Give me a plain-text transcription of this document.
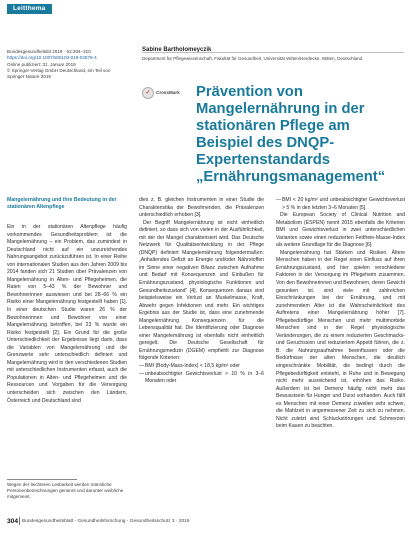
Leitthema
Bundesgesundheitsbl 2019 · 62:304–310
https://doi.org/10.1007/s00103-019-02878-4
Online publiziert: 31. Januar 2019
© Springer-Verlag GmbH Deutschland, ein Teil von
Springer Nature 2019
Sabine Bartholomeyczik
Department für Pflegewissenschaft, Fakultät für Gesundheit, Universität Witten/Herdecke, Witten, Deutschland
✓	CrossMark Prävention von Mangelernährung in der stationären Pflege am Beispiel des DNQP-Expertenstandards „Ernährungsmanagement“
Mangelernährung und ihre Bedeutung in der stationären Altenpflege

Ein in der stationären Altenpflege häufig vorkommendes Gesundheitsproblem ist die Mangelernährung – ein Problem, das zumindest in Deutschland nicht auf ein unzureichendes Nahrungsangebot zurückzuführen ist. In einer Reihe von internationalen Studien aus den Jahren 2009 bis 2014 fanden sich 21 Studien über Prävalenzen von Mangelernährung in Alten- und Pflegeheimen, die Raten von 5–43 % der Bewohner und Bewohnerinnen auswiesen und bei 28–66 % ein Risiko einer Mangelernährung festgestellt haben [1]. In einer deutschen Studie waren 26 % der Bewohnerinnen und Bewohner von einer Mangelernährung betroffen, bei 23 % wurde ein Risiko festgestellt [2]. Ein Grund für die große Unterschiedlichkeit der Ergebnisse liegt darin, dass die Variablen von Mangelernährung und die Grenzwerte sehr unterschiedlich definiert und Mangelernährung wird in den verschiedenen Studien mit unterschiedlichen Instrumenten erfasst, auch die Populationen in Alten- und Pflegeheimen und die Ressourcen und Vorgaben für die Versorgung unterscheiden sich zwischen den Ländern, Österreich und Deutschland sind

dies z. B. gleichen Instrumenten in einer Studie die Charakteristika der Bewohnenden, die Prävalenzen unterschiedlich erhoben [3].

Der Begriff Mangelernährung ist nicht einheitlich definiert, so dass sich von vielen in der Ausführlichkeit, mit der der Mangel charakterisiert wird. Das Deutsche Netzwerk für Qualitätsentwicklung in der Pflege (DNQP) definiert Mangelernährung folgendermaßen: „Anhaltendes Defizit an Energie und/oder Nährstoffen im Sinne einer negativen Bilanz zwischen Aufnahme und Bedarf mit Konsequenzen und Einbußen für Ernährungszustand, physiologische Funktionen und Gesundheitszustand“ [4]. Konsequenzen daraus sind beispielsweise ein Verlust an Muskelmasse, Kraft, Abwehr gegen Infektionen und mehr. Ein wichtiges Ergebnis aus der Studie ist, dass eine zunehmende Mangelernährung Konsequenzen für die Lebensqualität hat. Die Identifizierung oder Diagnose einer Mangelernährung ist ebenfalls nicht einheitlich geregelt. Die Deutsche Gesellschaft für Ernährungsmedizin (DGEM) empfiehlt zur Diagnose folgende Kriterien:

— BMI (Body-Mass-Index) < 18,5 kg/m² oder
— unbeabsichtigter Gewichtsverlust > 10 % in 3–6 Monaten oder
— BMI < 20 kg/m² und unbeabsichtigter Gewichtsverlust > 5 % in den letzten 3–6 Monaten [5].

Die European Society of Clinical Nutrition and Metabolism (ESPEN) nennt 2015 ebenfalls die Kriterien BMI und Gewichtsverlust in zwei unterschiedlichen Varianten sowie einen reduzierten Fettfreie-Masse-Index als weitere Grundlage für die Diagnose [6].

Mangelernährung hat Stärken und Risiken. Ältere Menschen haben in der Regel einen Einfluss auf ihren Ernährungszustand, und hier spielen verschiedene Faktoren in der Versorgung im Pflegeheim zusammen. Von den Bewohnerinnen und Bewohnern, deren Gewicht gesunken ist, sind viele mit zahlreichen Einschränkungen bei der Ernährung, und mit zunehmendem Alter ist die Wahrscheinlichkeit des Auftretens einer Mangelernährung höher [7]. Pflegebedürftige Menschen und mehr multimorbide Menschen sind in der Regel physiologische Veränderungen, die zu einem reduzierten Geschmacks- und Geruchssinn und reduziertem Appetit führen, die z. B. die Nahrungsaufnahme beeinflussen oder die Bedürfnisse der alten Menschen, die deutlich eingeschränkte Mobilität, die bedingt durch die Pflegebedürftigkeit entsteht, in Ruhe und in Bewegung nicht mehr ausreichend ist, erhöhen das Risiko. Außerdem ist bei Demenz häufig nicht mehr das Bewusstsein für Hunger und Durst vorhanden. Auch fällt es Menschen mit einer Demenz zuweilen sehr schwer, die Mahlzeit in angemessener Zeit zu sich zu nehmen. Nicht zuletzt sind Schluckstörungen und Schmerzen beim Kauen zu beachten.

Wegen der leichteren Lesbarkeit werden männliche Personenbezeichnungen genannt und darunter weibliche mitgemeint.
304 Bundesgesundheitsblatt - Gesundheitsforschung - Gesundheitsschutz 3 · 2019
